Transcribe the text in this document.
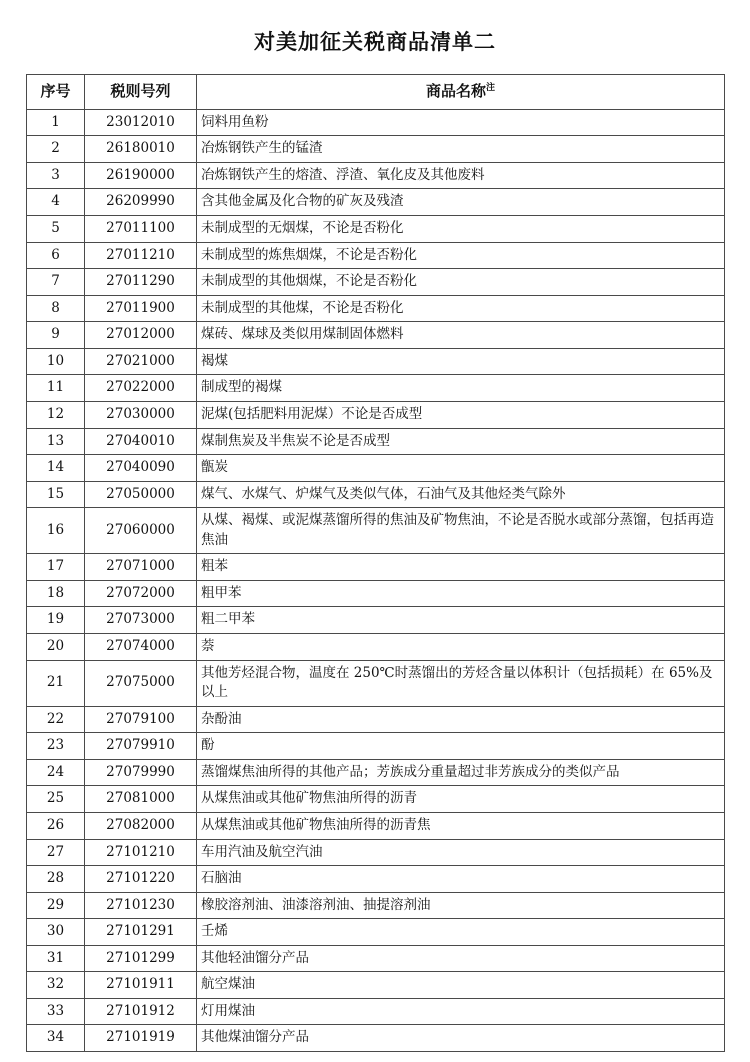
对美加征关税商品清单二
序号	税则号列	商品名称$^注$
1	23012010	饲料用鱼粉
2	26180010	冶炼钢铁产生的锰渣
3	26190000	冶炼钢铁产生的熔渣、浮渣、氧化皮及其他废料
4	26209990	含其他金属及化合物的矿灰及残渣
5	27011100	未制成型的无烟煤，不论是否粉化
6	27011210	未制成型的炼焦烟煤，不论是否粉化
7	27011290	未制成型的其他烟煤，不论是否粉化
8	27011900	未制成型的其他煤，不论是否粉化
9	27012000	煤砖、煤球及类似用煤制固体燃料
10	27021000	褐煤
11	27022000	制成型的褐煤
12	27030000	泥煤(包括肥料用泥煤）不论是否成型
13	27040010	煤制焦炭及半焦炭不论是否成型
14	27040090	甑炭
15	27050000	煤气、水煤气、炉煤气及类似气体，石油气及其他烃类气除外
16	27060000	从煤、褐煤、或泥煤蒸馏所得的焦油及矿物焦油，不论是否脱水或部分蒸馏，包括再造焦油
17	27071000	粗苯
18	27072000	粗甲苯
19	27073000	粗二甲苯
20	27074000	萘
21	27075000	其他芳烃混合物，温度在 250℃时蒸馏出的芳烃含量以体积计（包括损耗）在 65%及以上
22	27079100	杂酚油
23	27079910	酚
24	27079990	蒸馏煤焦油所得的其他产品；芳族成分重量超过非芳族成分的类似产品
25	27081000	从煤焦油或其他矿物焦油所得的沥青
26	27082000	从煤焦油或其他矿物焦油所得的沥青焦
27	27101210	车用汽油及航空汽油
28	27101220	石脑油
29	27101230	橡胶溶剂油、油漆溶剂油、抽提溶剂油
30	27101291	壬烯
31	27101299	其他轻油馏分产品
32	27101911	航空煤油
33	27101912	灯用煤油
34	27101919	其他煤油馏分产品
